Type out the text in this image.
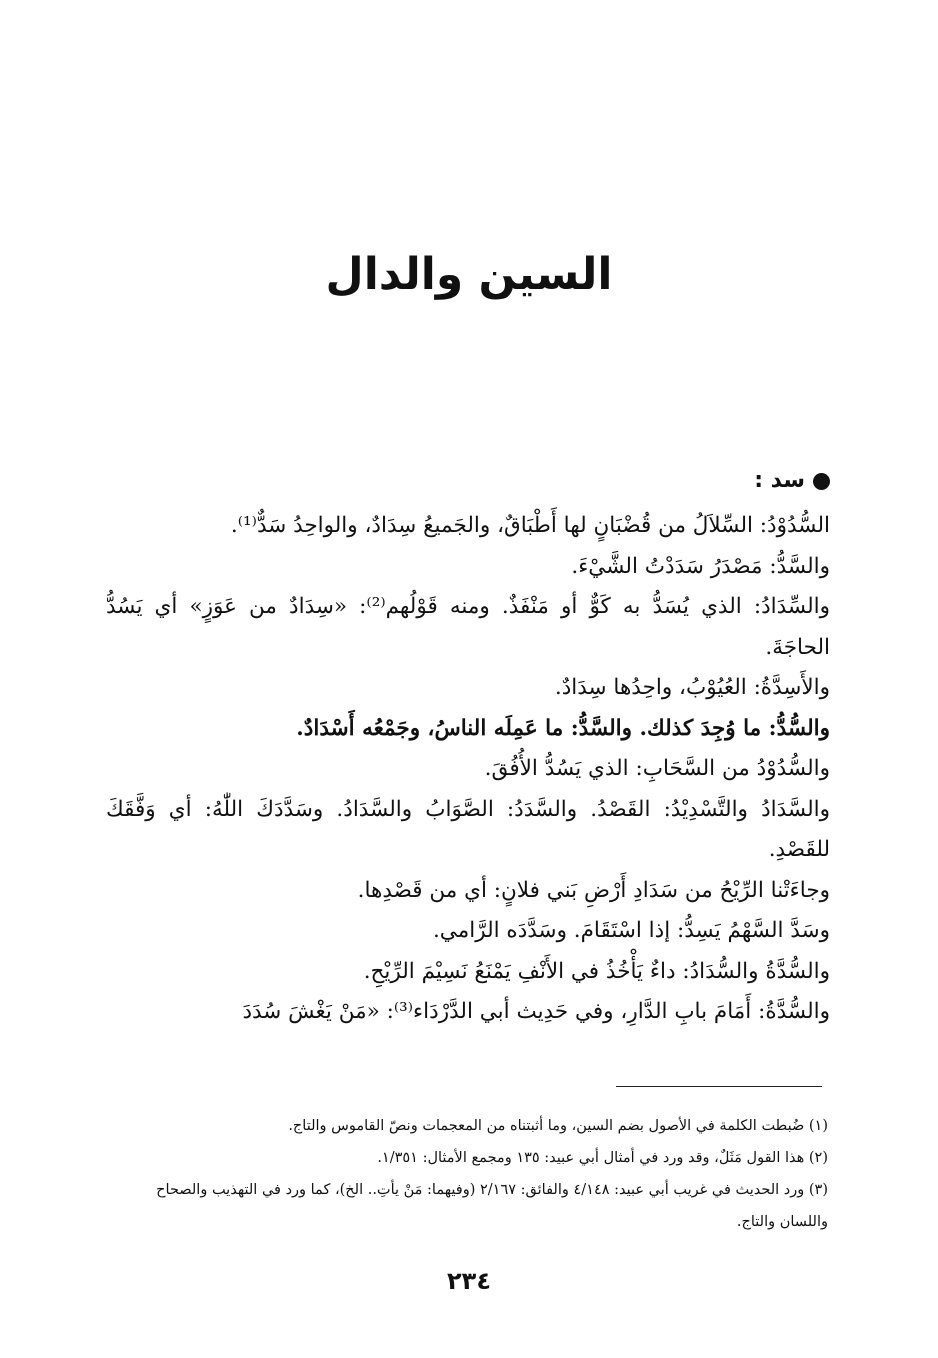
السين والدال
سد :

السُّدُوْدُ: السِّلاَلُ من قُضْبَانٍ لها أَطْبَاقٌ، والجَميعُ سِدَادٌ، والواحِدُ سَدٌّ⁽¹⁾.

والسَّدُّ: مَصْدَرُ سَدَدْتُ الشَّيْءَ.

والسِّدَادُ: الذي يُسَدُّ به كَوٌّ أو مَنْفَذٌ. ومنه قَوْلُهم⁽²⁾: «سِدَادٌ من عَوَزٍ» أي يَسُدُّ الحاجَةَ.

والأَسِدَّةُ: العُيُوْبُ، واحِدُها سِدَادٌ.

والسُّدُّ: ما وُجِدَ كذلك. والسَّدُّ: ما عَمِلَه الناسُ، وجَمْعُه أَسْدَادٌ.

والسُّدُوْدُ من السَّحَابِ: الذي يَسُدُّ الأُفُقَ.

والسَّدَادُ والتَّسْدِيْدُ: القَصْدُ. والسَّدَدُ: الصَّوَابُ والسَّدَادُ. وسَدَّدَكَ اللّٰهُ: أي وَفَّقَكَ للقَصْدِ.

وجاءَتْنا الرِّيْحُ من سَدَادِ أَرْضِ بَني فلانٍ: أي من قَصْدِها.

وسَدَّ السَّهْمُ يَسِدُّ: إذا اسْتَقَامَ. وسَدَّدَه الرَّامي.

والسُّدَّةُ والسُّدَادُ: داءٌ يَأْخُذُ في الأَنْفِ يَمْنَعُ نَسِيْمَ الرِّيْحِ.

والسُّدَّةُ: أَمَامَ بابِ الدَّارِ، وفي حَدِيث أبي الدَّرْدَاء⁽³⁾: «مَنْ يَغْشَ سُدَدَ

(١) ضُبطت الكلمة في الأصول بضم السين، وما أثبتناه من المعجمات ونصّ القاموس والتاج.

(٢) هذا القول مَثَلٌ، وقد ورد في أمثال أبي عبيد: ١٣٥ ومجمع الأمثال: ١/٣٥١.

(٣) ورد الحديث في غريب أبي عبيد: ٤/١٤٨ والفائق: ٢/١٦٧ (وفيهما: مَنْ يأتِ.. الخ)، كما ورد في التهذيب والصحاح واللسان والتاج.

٢٣٤
